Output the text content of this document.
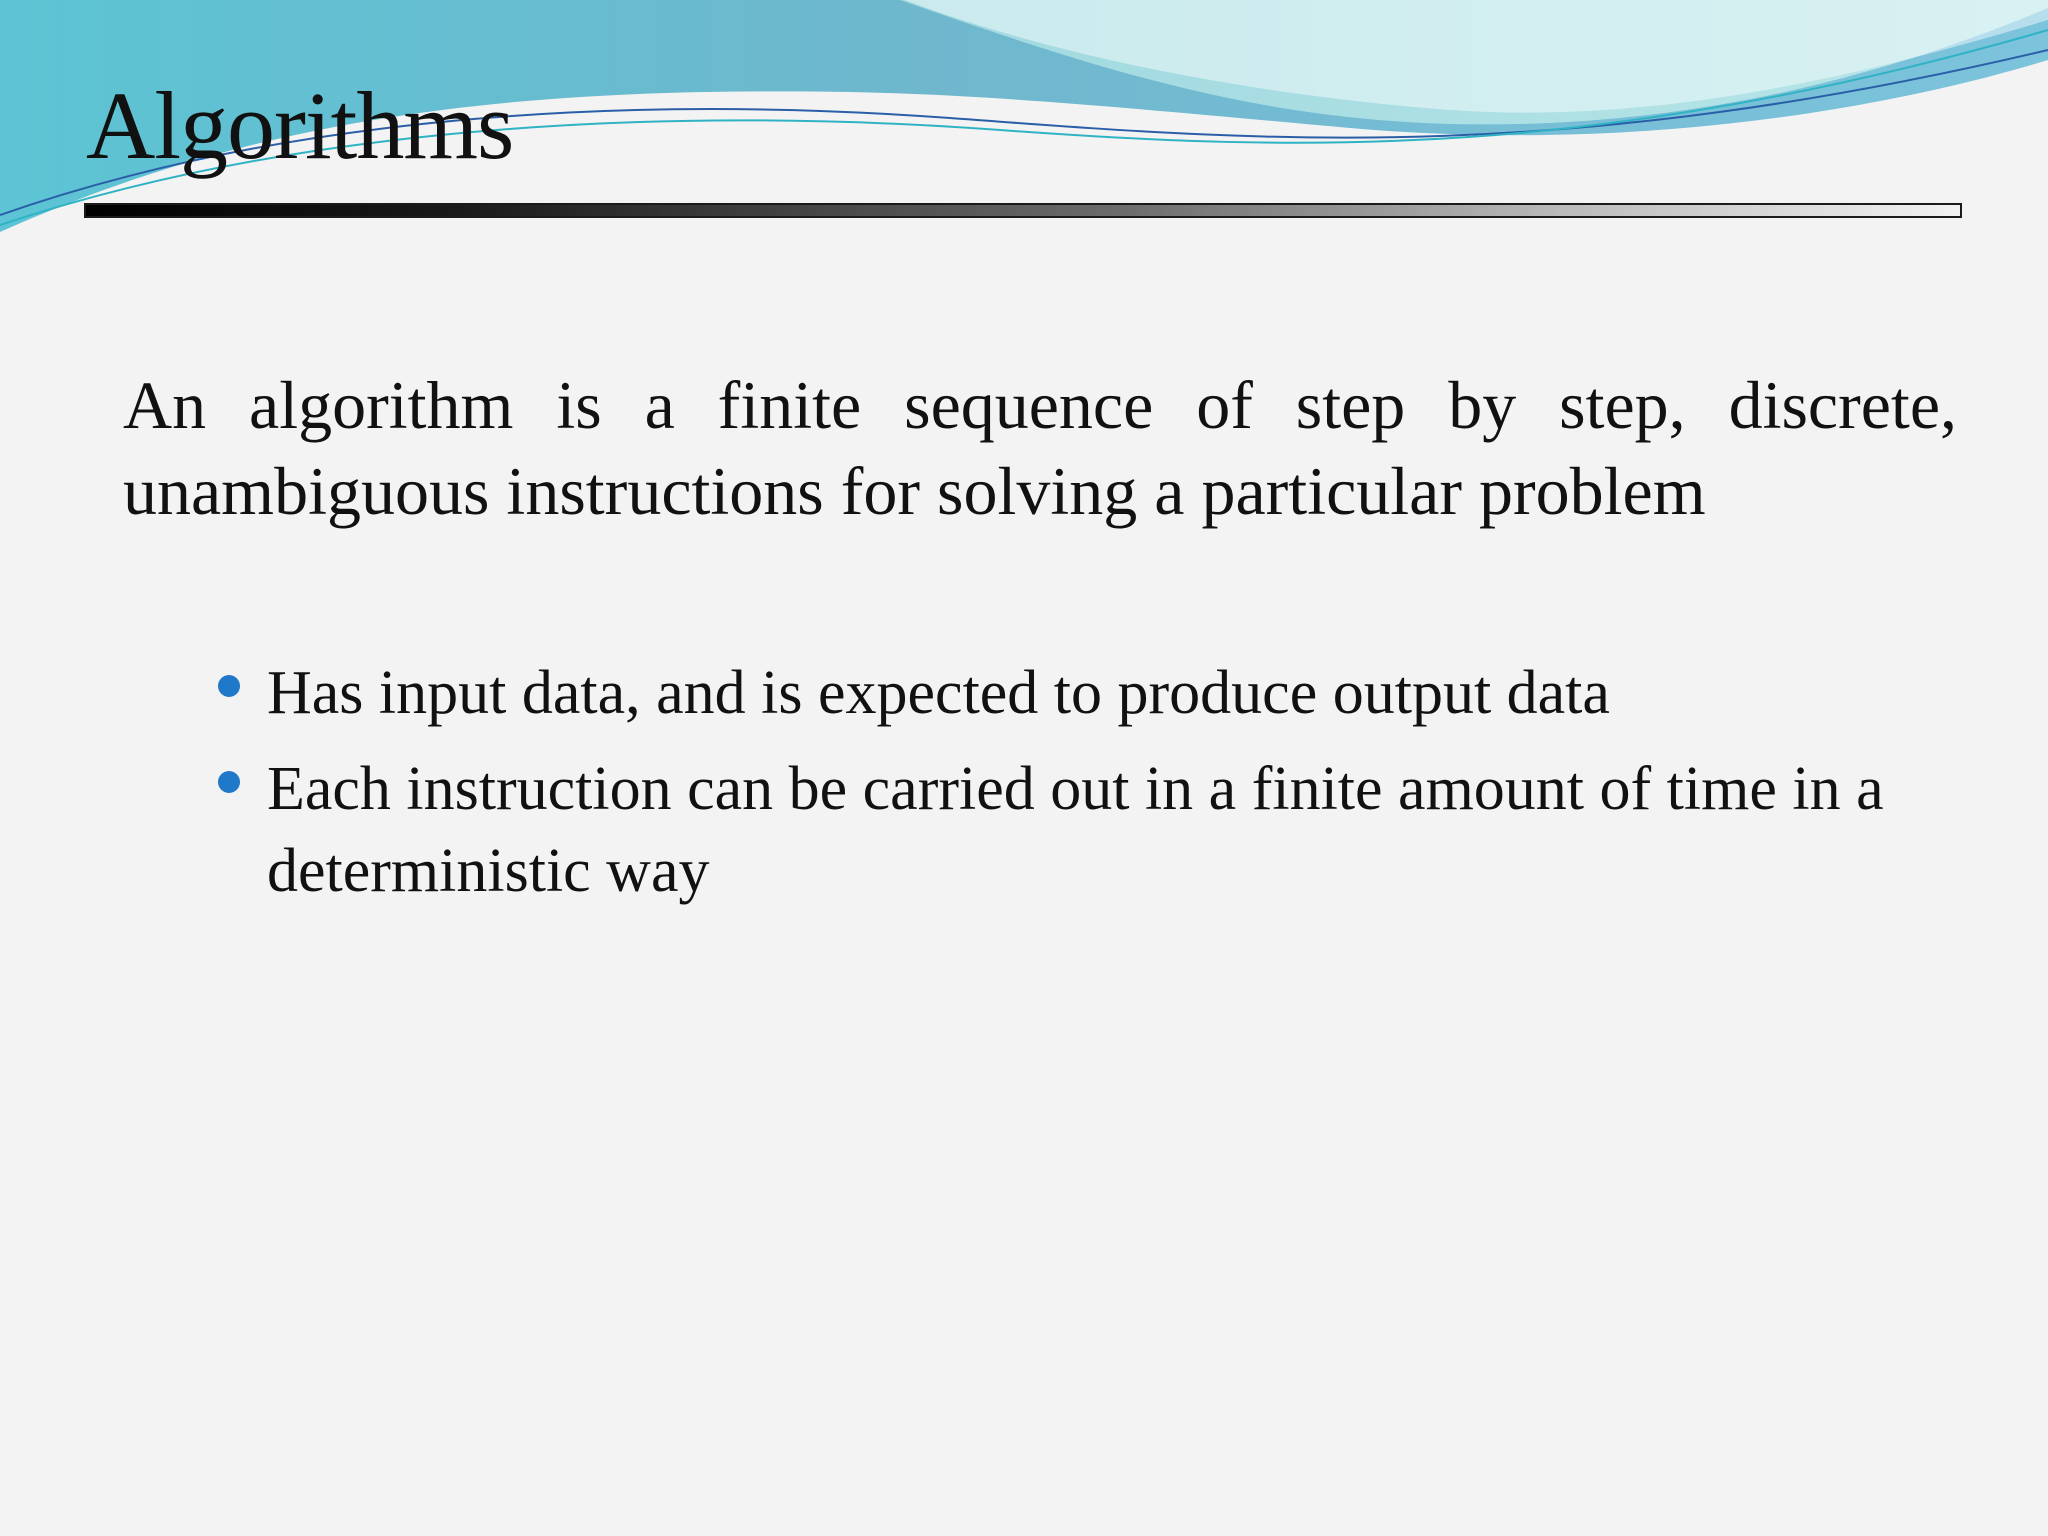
Algorithms

An algorithm is a finite sequence of step by step, discrete, unambiguous instructions for solving a particular problem

Has input data, and is expected to produce output data
Each instruction can be carried out in a finite amount of time in a deterministic way
